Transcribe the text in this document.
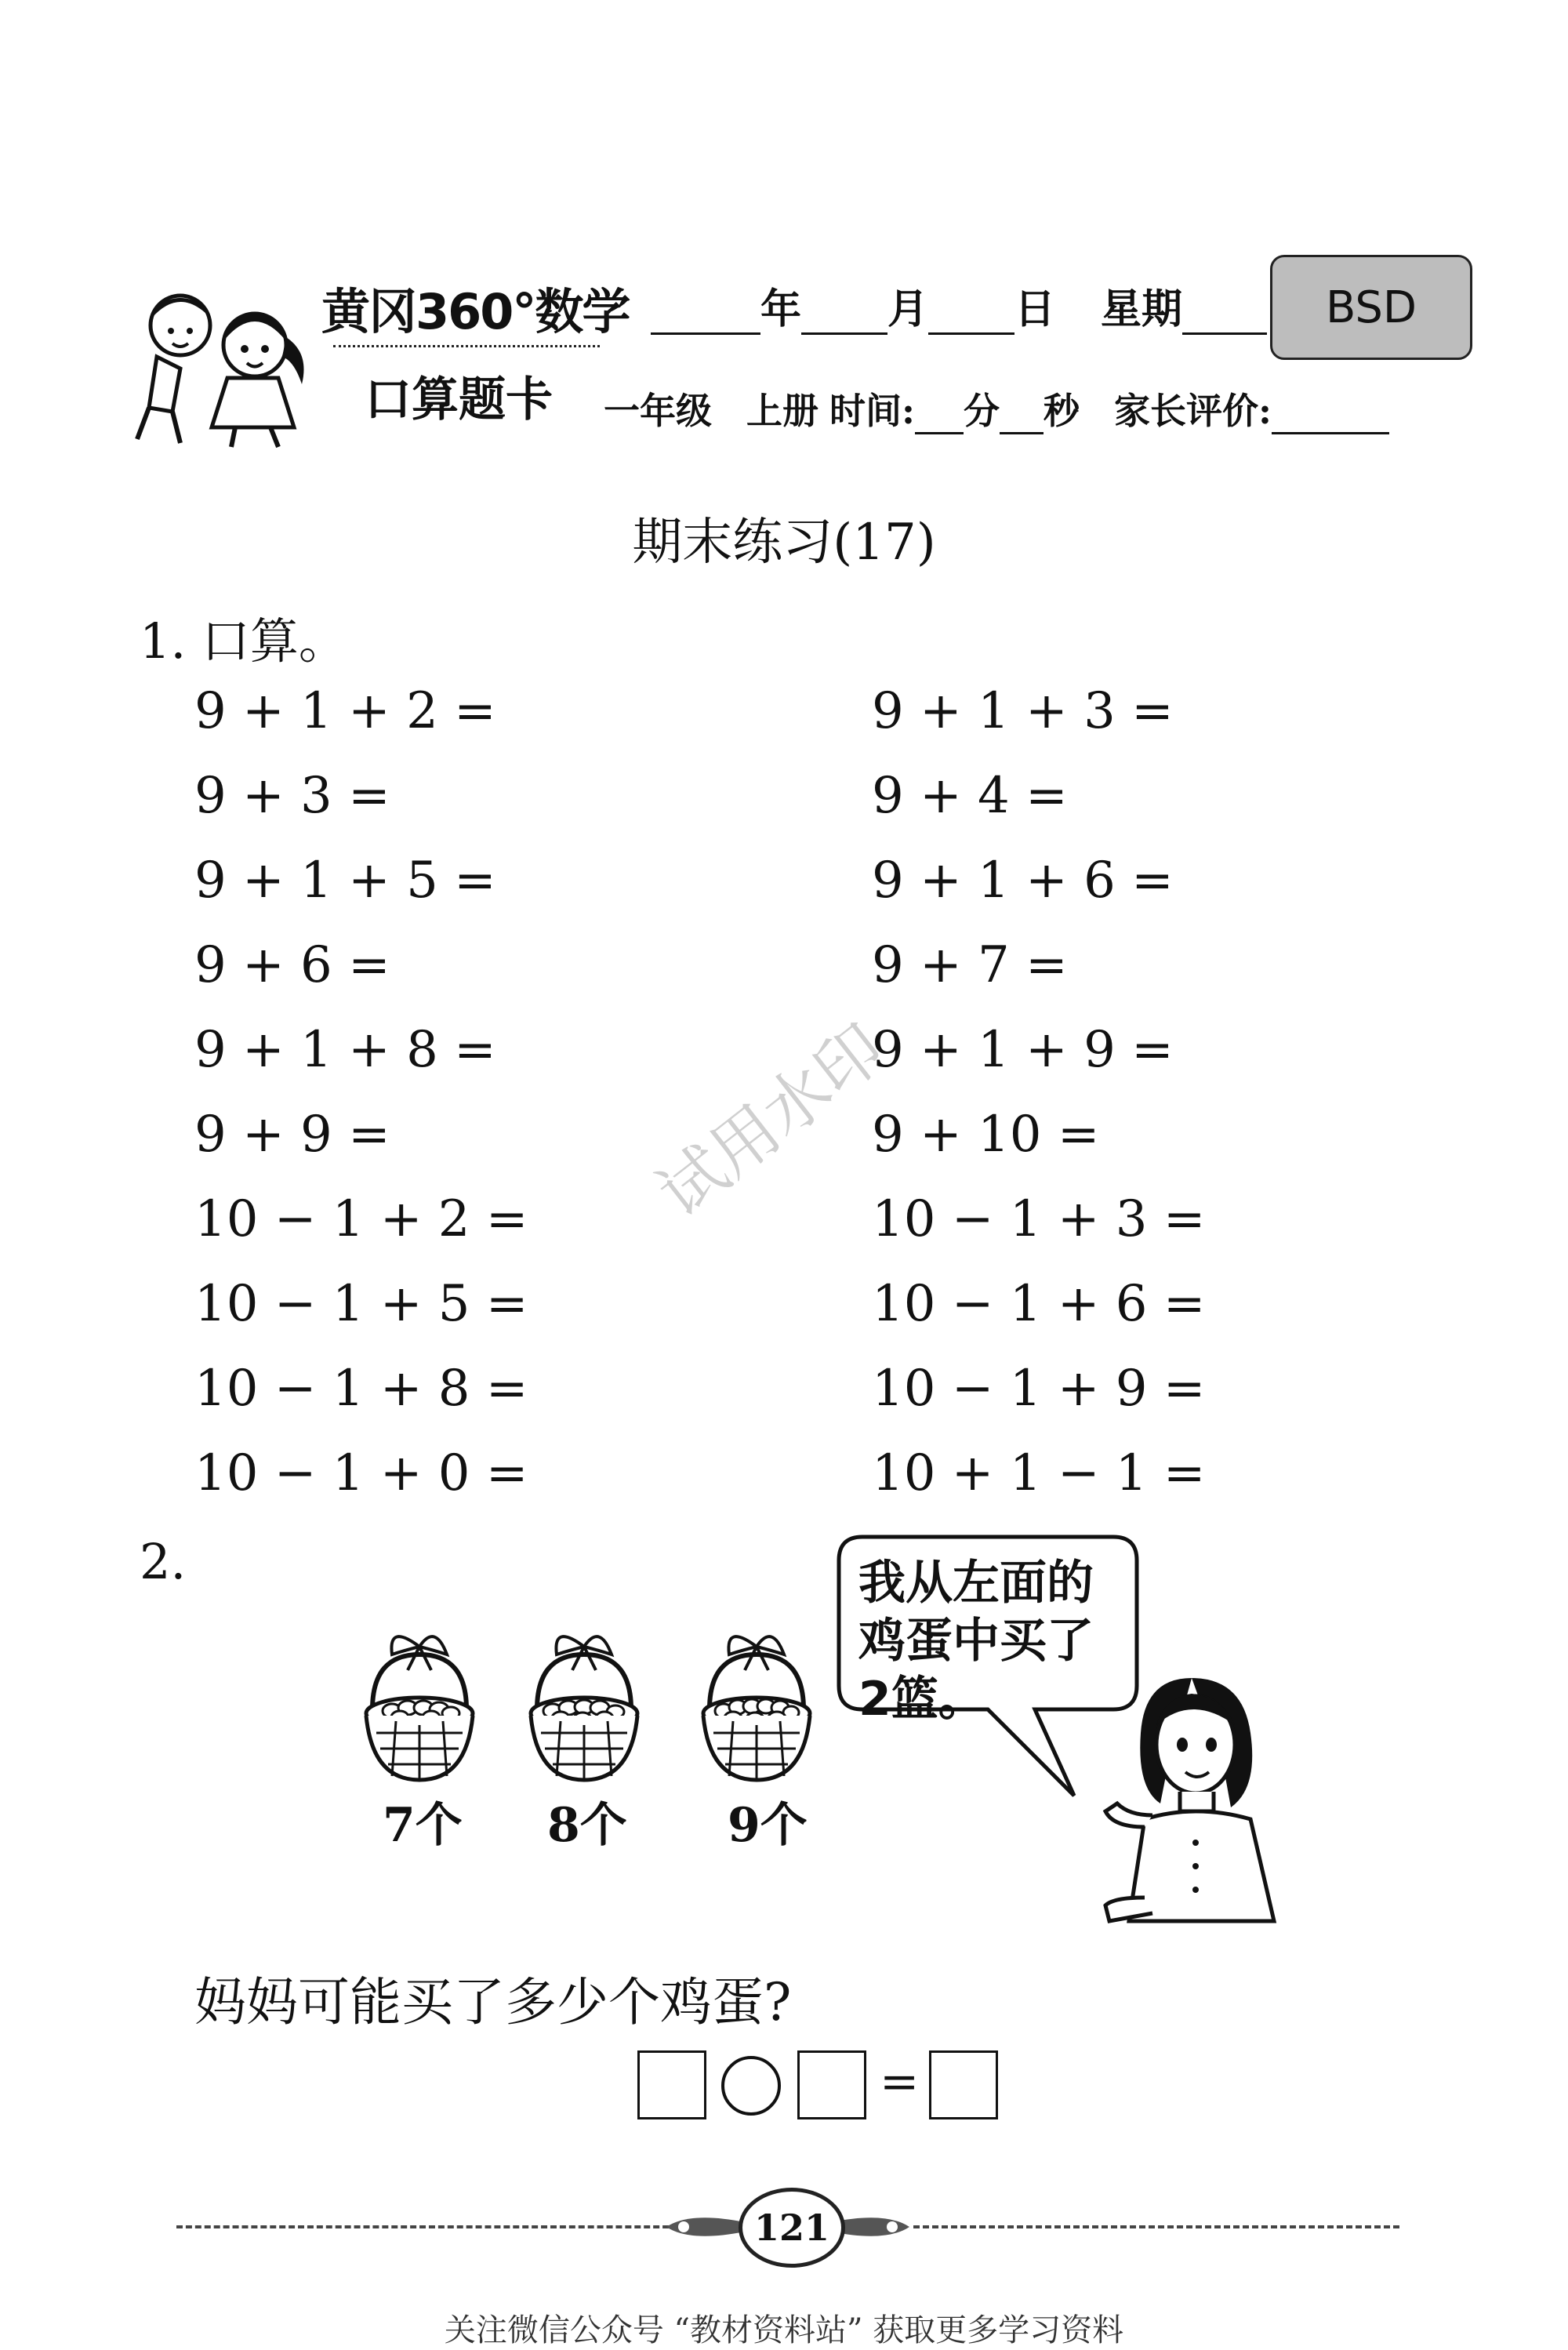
黄冈360°数学
口算题卡
年 月 日 星期	BSD
一年级 上册 时间: 分 秒 家长评价:
期末练习(17)
1. 口算。
9 + 1 + 2 =
9 + 3 =
9 + 1 + 5 =
9 + 6 =
9 + 1 + 8 =
9 + 9 =
10 − 1 + 2 =
10 − 1 + 5 =
10 − 1 + 8 =
10 − 1 + 0 =
9 + 1 + 3 =
9 + 4 =
9 + 1 + 6 =
9 + 7 =
9 + 1 + 9 =
9 + 10 =
10 − 1 + 3 =
10 − 1 + 6 =
10 − 1 + 9 =
10 + 1 − 1 =
试用水印
2.
7个 8个 9个
我从左面的
鸡蛋中买了
2篮。
妈妈可能买了多少个鸡蛋?
=
121
关注微信公众号 “教材资料站” 获取更多学习资料
